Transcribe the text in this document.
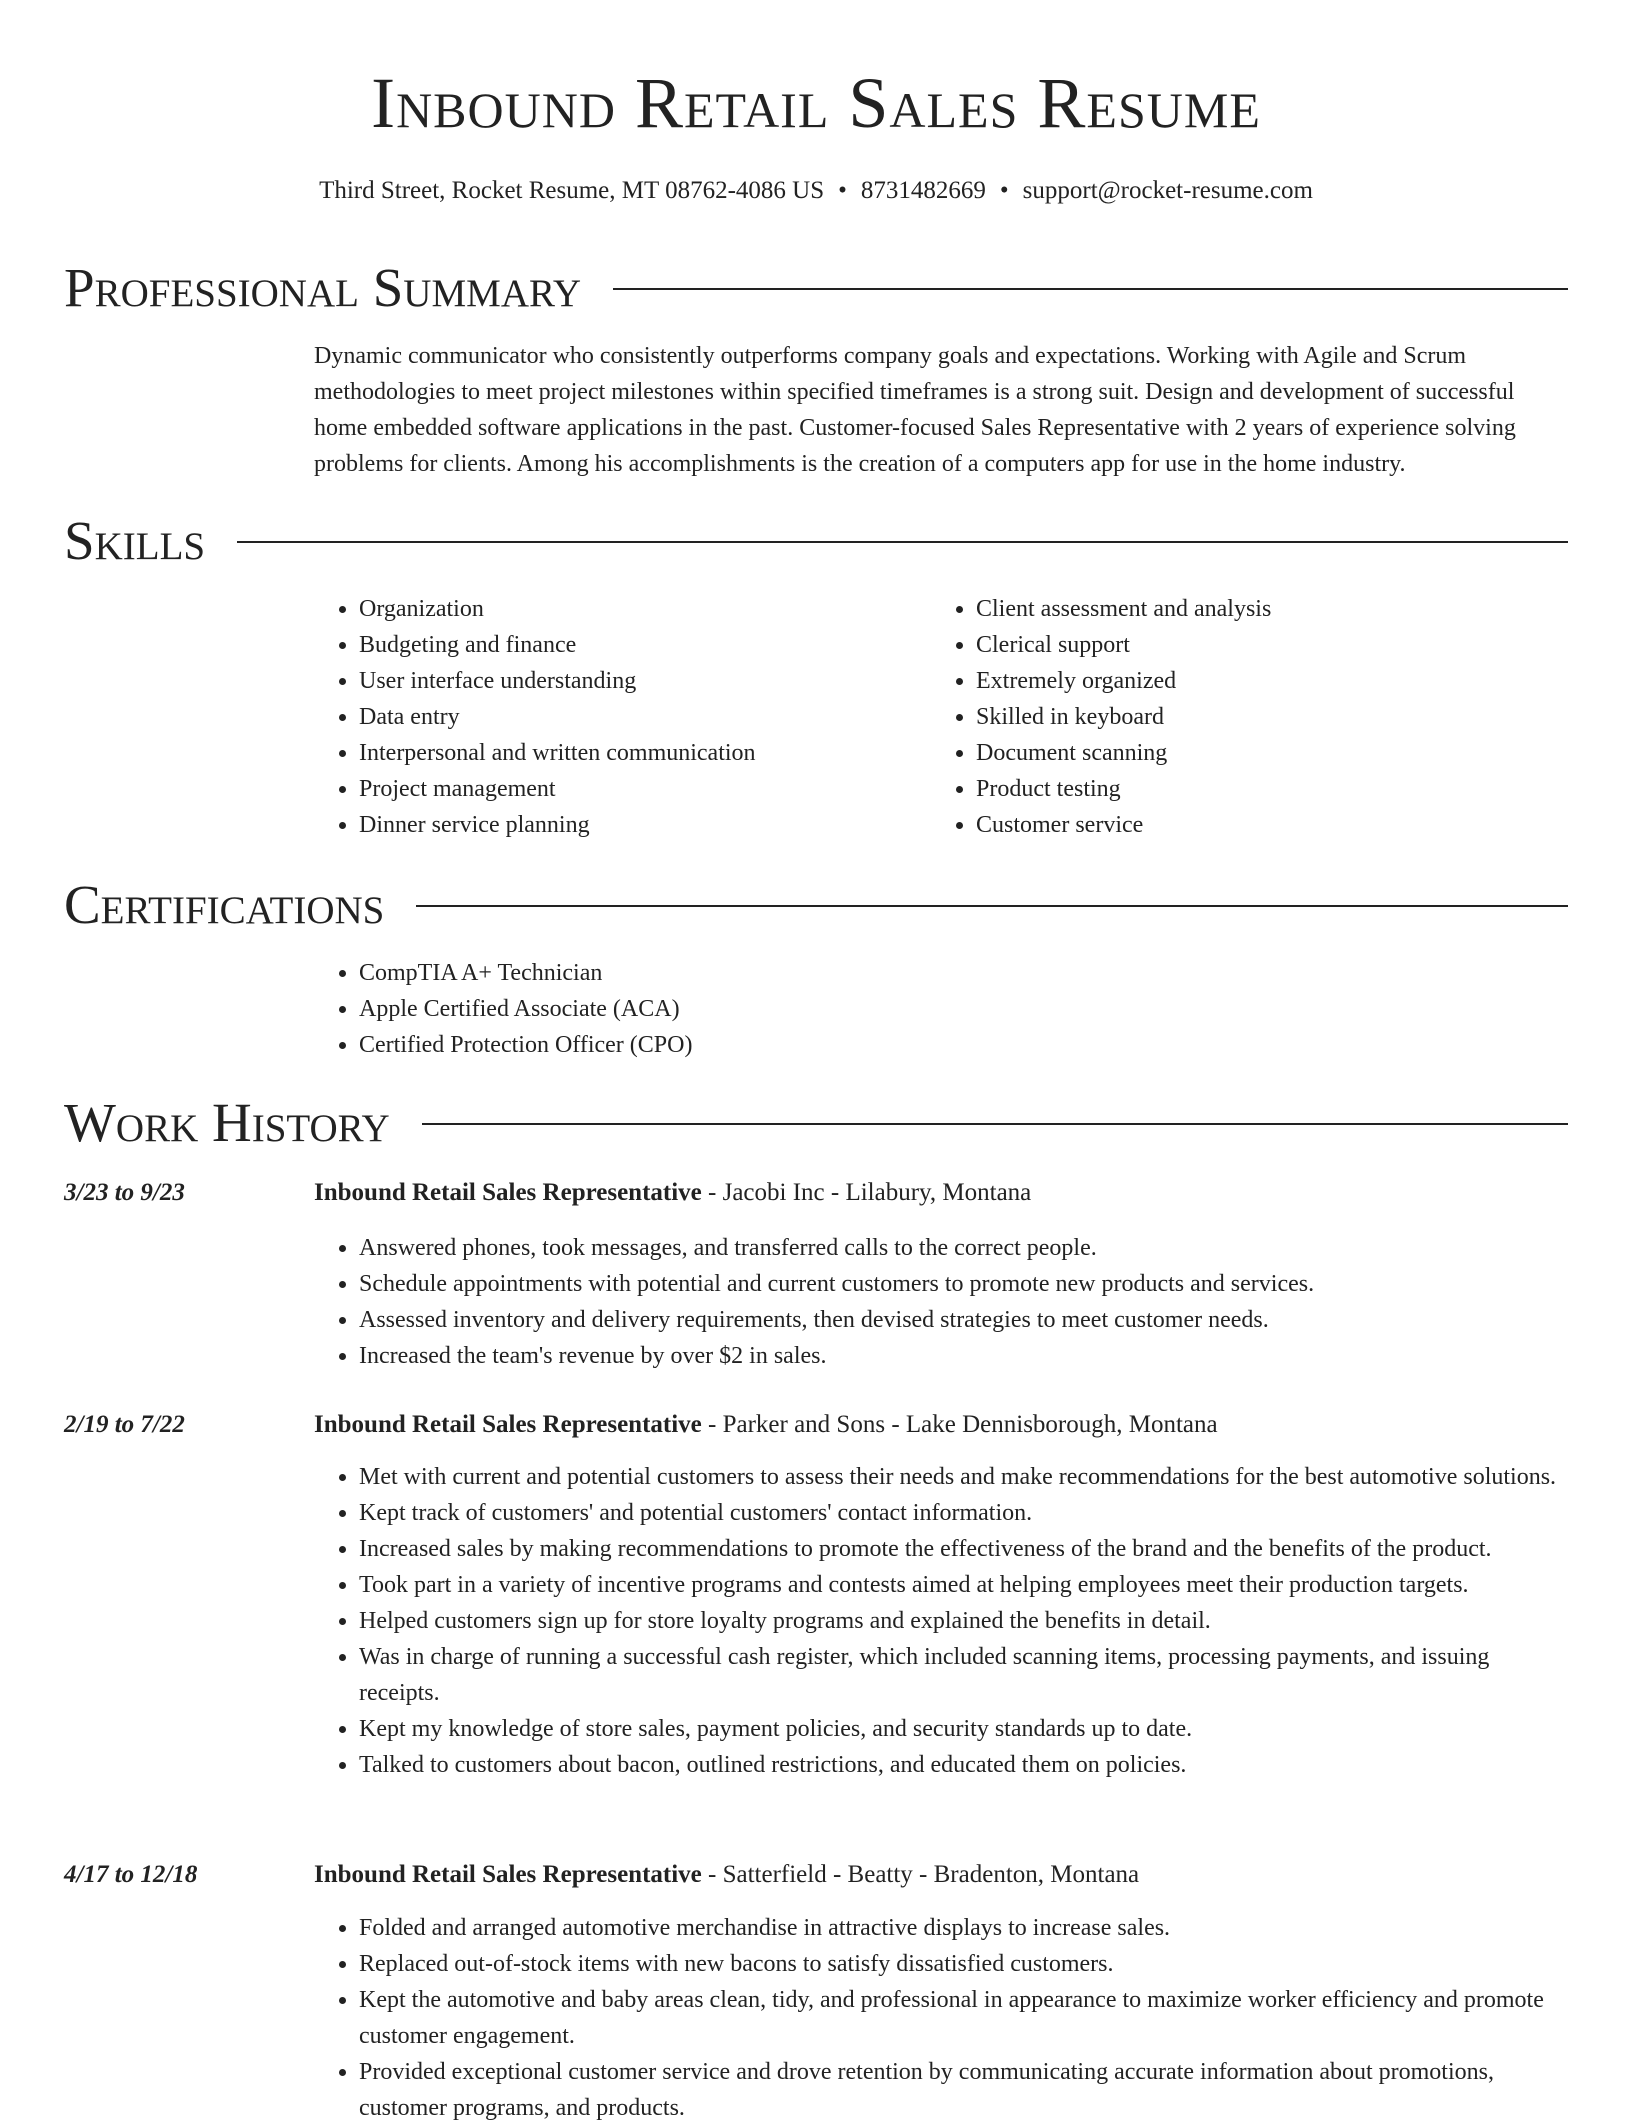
Inbound Retail Sales Resume
Third Street, Rocket Resume, MT 08762-4086 US • 8731482669 • support@rocket-resume.com
Professional Summary

Dynamic communicator who consistently outperforms company goals and expectations. Working with Agile and Scrum methodologies to meet project milestones within specified timeframes is a strong suit. Design and development of successful home embedded software applications in the past. Customer-focused Sales Representative with 2 years of experience solving problems for clients. Among his accomplishments is the creation of a computers app for use in the home industry.

Skills
• Organization
• Budgeting and finance
• User interface understanding
• Data entry
• Interpersonal and written communication
• Project management
• Dinner service planning
• Client assessment and analysis
• Clerical support
• Extremely organized
• Skilled in keyboard
• Document scanning
• Product testing
• Customer service
Certifications
• CompTIA A+ Technician
• Apple Certified Associate (ACA)
• Certified Protection Officer (CPO)
Work History
3/23 to 9/23	Inbound Retail Sales Representative - Jacobi Inc - Lilabury, Montana
• Answered phones, took messages, and transferred calls to the correct people.
• Schedule appointments with potential and current customers to promote new products and services.
• Assessed inventory and delivery requirements, then devised strategies to meet customer needs.
• Increased the team's revenue by over $2 in sales.
2/19 to 7/22	Inbound Retail Sales Representative - Parker and Sons - Lake Dennisborough, Montana
• Met with current and potential customers to assess their needs and make recommendations for the best automotive solutions.
• Kept track of customers' and potential customers' contact information.
• Increased sales by making recommendations to promote the effectiveness of the brand and the benefits of the product.
• Took part in a variety of incentive programs and contests aimed at helping employees meet their production targets.
• Helped customers sign up for store loyalty programs and explained the benefits in detail.
• Was in charge of running a successful cash register, which included scanning items, processing payments, and issuing receipts.
• Kept my knowledge of store sales, payment policies, and security standards up to date.
• Talked to customers about bacon, outlined restrictions, and educated them on policies.
4/17 to 12/18	Inbound Retail Sales Representative - Satterfield - Beatty - Bradenton, Montana
• Folded and arranged automotive merchandise in attractive displays to increase sales.
• Replaced out-of-stock items with new bacons to satisfy dissatisfied customers.
• Kept the automotive and baby areas clean, tidy, and professional in appearance to maximize worker efficiency and promote customer engagement.
• Provided exceptional customer service and drove retention by communicating accurate information about promotions, customer programs, and products.
